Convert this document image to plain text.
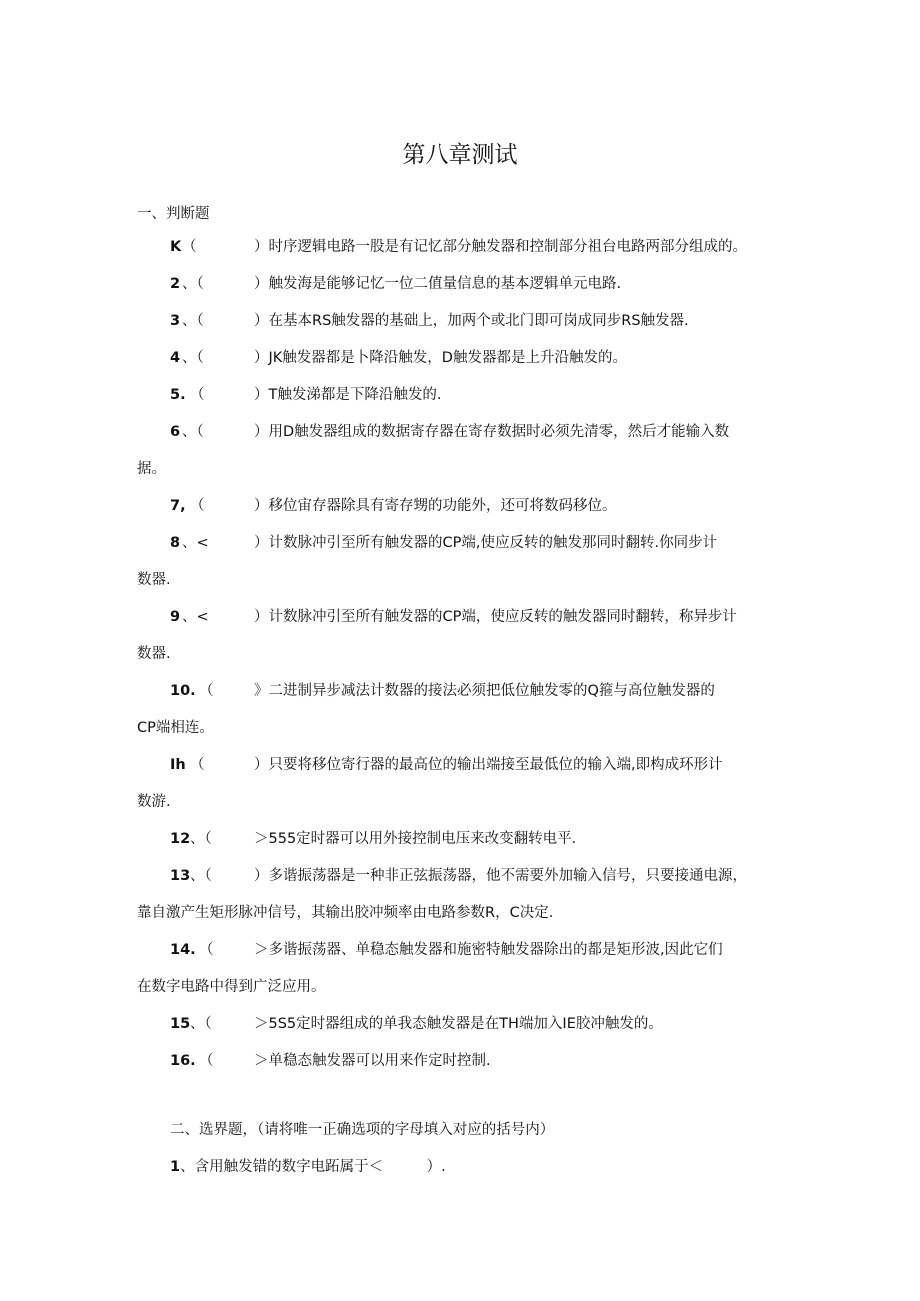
第八章测试
一、判断题
K （	）时序逻辑电路一股是有记忆部分触发器和控制部分祖台电路两部分组成的。
2 、（	）触发海是能够记忆一位二值量信息的基本逻辑单元电路.
3 、（	）在基本RS触发器的基础上，加两个或北门即可岗成同步RS触发器.
4 、（	）JK触发器都是卜降沿触发，D触发器都是上升沿触发的。
5. （	）T触发涕都是下降沿触发的.
6 、（	）用D触发器组成的数据寄存器在寄存数据时必须先清零，然后才能输入数
据。
7, （	）移位宙存器除具有寄存甥的功能外，还可将数码移位。
8 、<	）计数脉冲引至所有触发器的CP端,使应反转的触发那同时翻转.你同步计
数器.
9 、<	）计数脉冲引至所有触发器的CP端，使应反转的触发器同时翻转，称异步计
数器.
10. （	》二进制异步减法计数器的接法必须把低位触发零的Q箍与高位触发器的
CP端相连。
Ih （	）只要将移位寄行器的最高位的输出端接至最低位的输入端,即构成环形计
数游.
12 、（	＞555定时器可以用外接控制电压来改变翻转电平.
13 、（	）多谐振荡器是一种非正弦振荡器，他不需要外加输入信号，只要接通电源，
靠自激产生矩形脉冲信号，其输出胶冲频率由电路参数R，C决定.
14. （	＞多谐振荡器、单稳态触发器和施密特触发器除出的都是矩形波,因此它们
在数字电路中得到广泛应用。
15 、（	＞5S5定时器组成的单我态触发器是在TH端加入IE胶冲触发的。
16. （	＞单稳态触发器可以用来作定时控制.
二、选界题，（请将唯一正确选项的字母填入对应的括号内）
1、含用触发错的数字电跖属于＜　　　）.
